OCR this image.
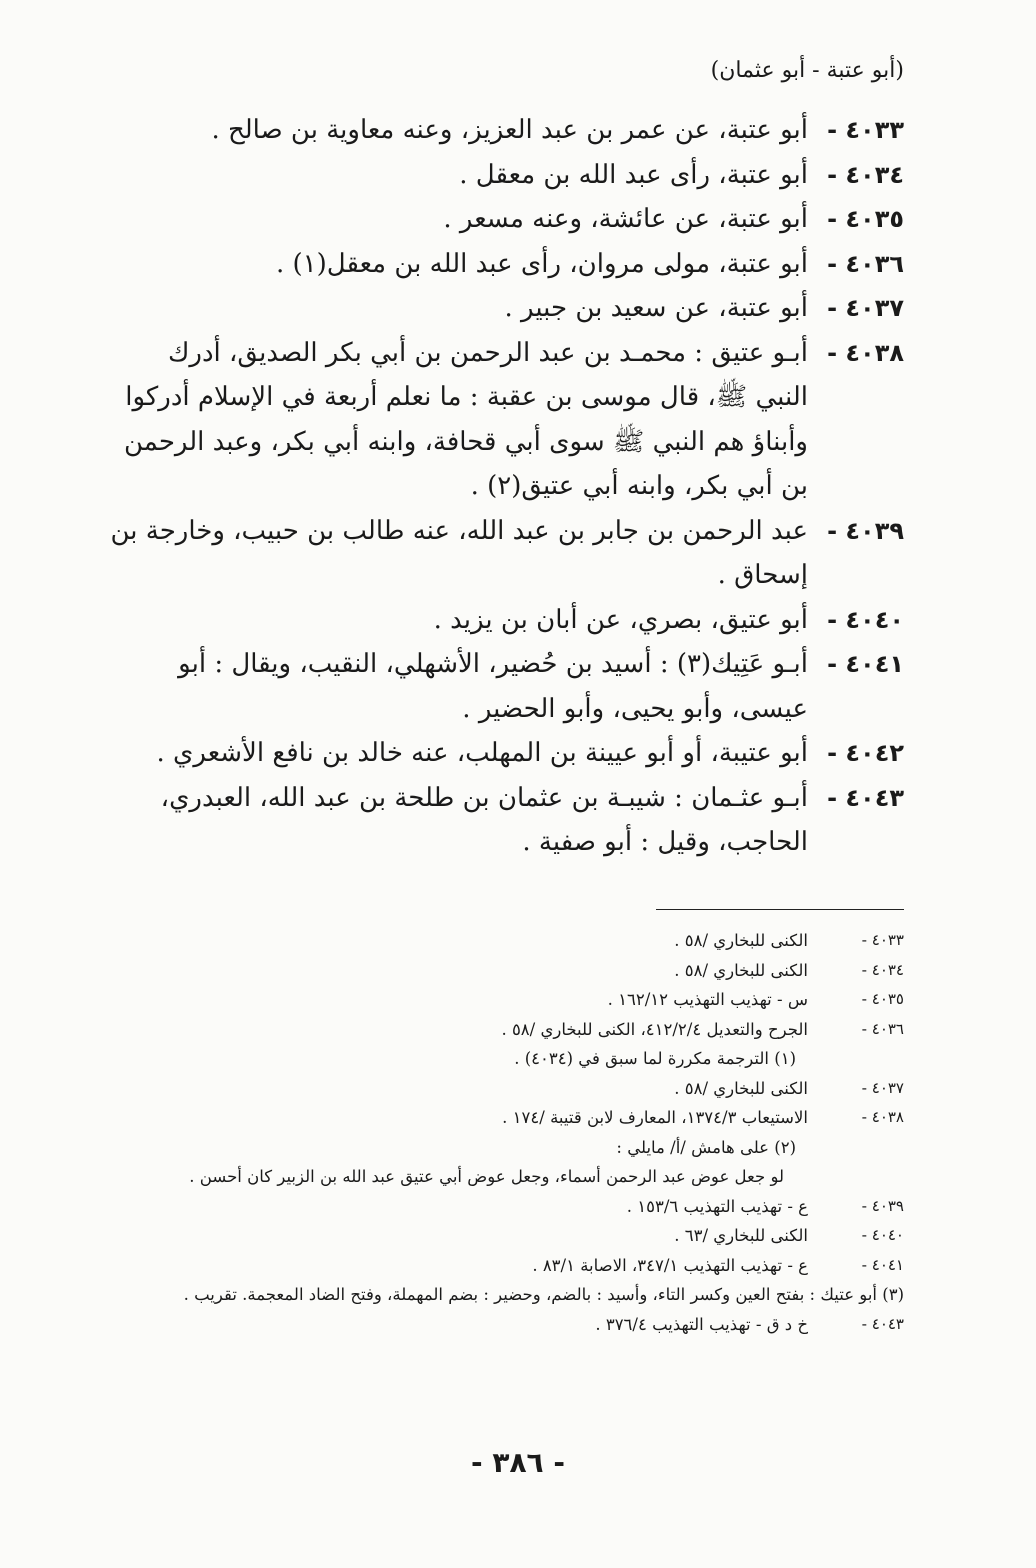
(أبو عتبة - أبو عثمان)
٤٠٣٣ -
أبو عتبة، عن عمر بن عبد العزيز، وعنه معاوية بن صالح .
٤٠٣٤ -
أبو عتبة، رأى عبد الله بن معقل .
٤٠٣٥ -
أبو عتبة، عن عائشة، وعنه مسعر .
٤٠٣٦ -
أبو عتبة، مولى مروان، رأى عبد الله بن معقل(١) .
٤٠٣٧ -
أبو عتبة، عن سعيد بن جبير .
٤٠٣٨ -
أبـو عتيق : محمـد بن عبد الرحمن بن أبي بكر الصديق، أدرك النبي ﷺ، قال موسى بن عقبة : ما نعلم أربعة في الإسلام أدركوا وأبناؤ هم النبي ﷺ سوى أبي قحافة، وابنه أبي بكر، وعبد الرحمن بن أبي بكر، وابنه أبي عتيق(٢) .
٤٠٣٩ -
عبد الرحمن بن جابر بن عبد الله، عنه طالب بن حبيب، وخارجة بن إسحاق .
٤٠٤٠ -
أبو عتيق، بصري، عن أبان بن يزيد .
٤٠٤١ -
أبـو عَتِيك(٣) : أسيد بن حُضير، الأشهلي، النقيب، ويقال : أبو عيسى، وأبو يحيى، وأبو الحضير .
٤٠٤٢ -
أبو عتيبة، أو أبو عيينة بن المهلب، عنه خالد بن نافع الأشعري .
٤٠٤٣ -
أبـو عثـمان : شيبـة بن عثمان بن طلحة بن عبد الله، العبدري، الحاجب، وقيل : أبو صفية .
٤٠٣٣ -
الكنى للبخاري /٥٨ .
٤٠٣٤ -
الكنى للبخاري /٥٨ .
٤٠٣٥ -
س - تهذيب التهذيب ١٦٢/١٢ .
٤٠٣٦ -
الجرح والتعديل ٤١٢/٢/٤، الكنى للبخاري /٥٨ .
(١) الترجمة مكررة لما سبق في (٤٠٣٤) .
٤٠٣٧ -
الكنى للبخاري /٥٨ .
٤٠٣٨ -
الاستيعاب ١٣٧٤/٣، المعارف لابن قتيبة /١٧٤ .
(٢) على هامش /أ/ مايلي :
لو جعل عوض عبد الرحمن أسماء، وجعل عوض أبي عتيق عبد الله بن الزبير كان أحسن .
٤٠٣٩ -
ع - تهذيب التهذيب ١٥٣/٦ .
٤٠٤٠ -
الكنى للبخاري /٦٣ .
٤٠٤١ -
ع - تهذيب التهذيب ٣٤٧/١، الاصابة ٨٣/١ .
(٣) أبو عتيك : بفتح العين وكسر التاء، وأسيد : بالضم، وحضير : بضم المهملة، وفتح الضاد المعجمة. تقريب .
٤٠٤٣ -
خ د ق - تهذيب التهذيب ٣٧٦/٤ .
- ٣٨٦ -
